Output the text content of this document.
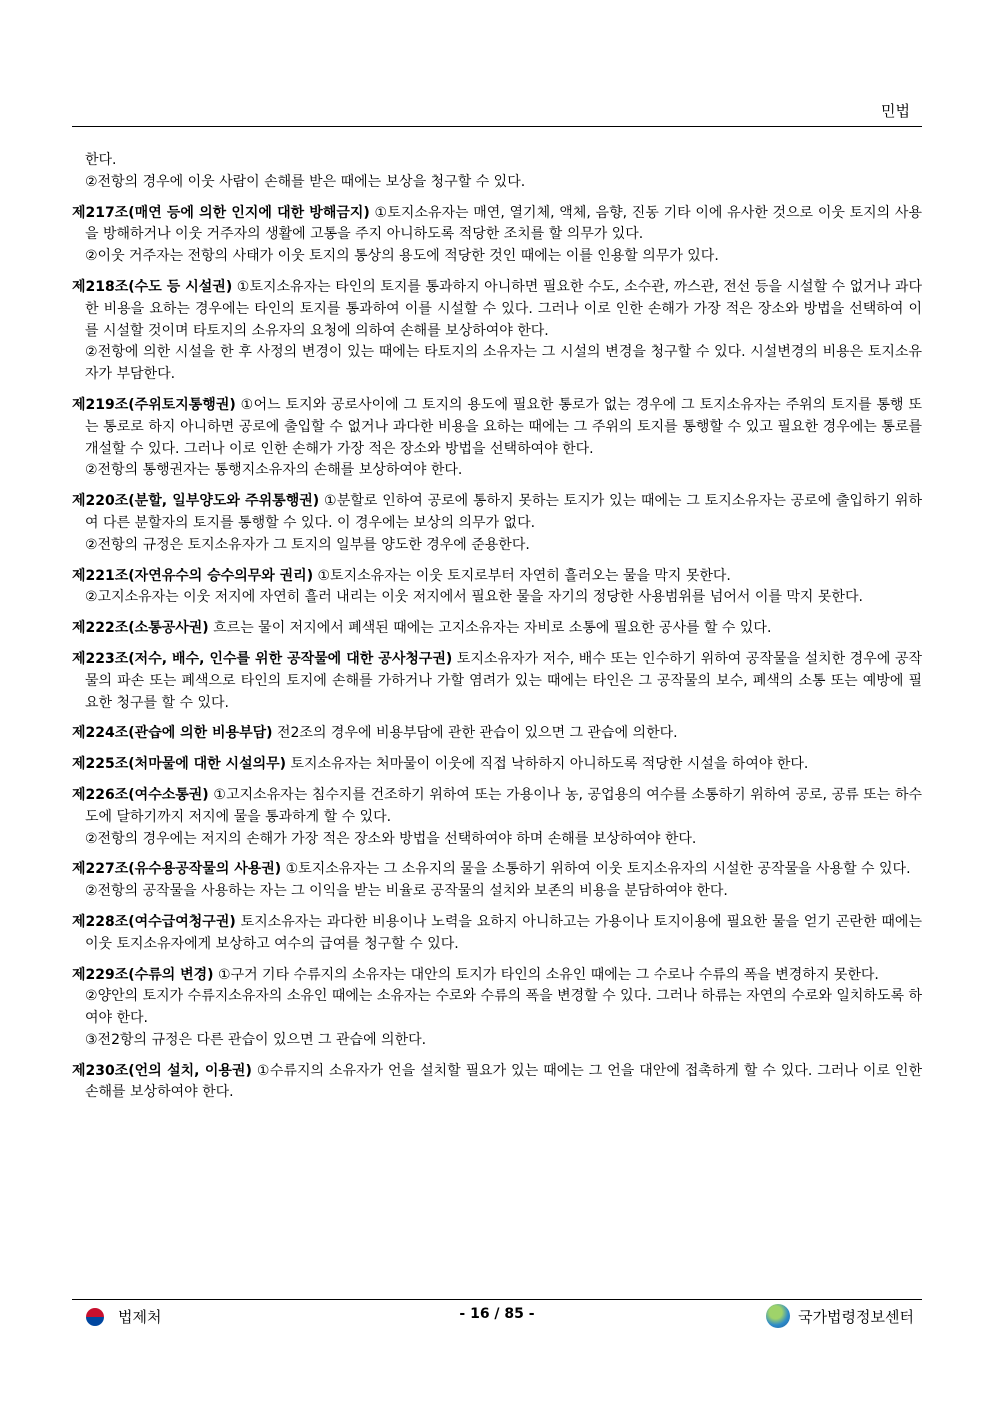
민법
한다.
②전항의 경우에 이웃 사람이 손해를 받은 때에는 보상을 청구할 수 있다.
제217조(매연 등에 의한 인지에 대한 방해금지) ①토지소유자는 매연, 열기체, 액체, 음향, 진동 기타 이에 유사한 것으로 이웃 토지의 사용을 방해하거나 이웃 거주자의 생활에 고통을 주지 아니하도록 적당한 조치를 할 의무가 있다.
②이웃 거주자는 전항의 사태가 이웃 토지의 통상의 용도에 적당한 것인 때에는 이를 인용할 의무가 있다.
제218조(수도 등 시설권) ①토지소유자는 타인의 토지를 통과하지 아니하면 필요한 수도, 소수관, 까스관, 전선 등을 시설할 수 없거나 과다한 비용을 요하는 경우에는 타인의 토지를 통과하여 이를 시설할 수 있다. 그러나 이로 인한 손해가 가장 적은 장소와 방법을 선택하여 이를 시설할 것이며 타토지의 소유자의 요청에 의하여 손해를 보상하여야 한다.
②전항에 의한 시설을 한 후 사정의 변경이 있는 때에는 타토지의 소유자는 그 시설의 변경을 청구할 수 있다. 시설변경의 비용은 토지소유자가 부담한다.
제219조(주위토지통행권) ①어느 토지와 공로사이에 그 토지의 용도에 필요한 통로가 없는 경우에 그 토지소유자는 주위의 토지를 통행 또는 통로로 하지 아니하면 공로에 출입할 수 없거나 과다한 비용을 요하는 때에는 그 주위의 토지를 통행할 수 있고 필요한 경우에는 통로를 개설할 수 있다. 그러나 이로 인한 손해가 가장 적은 장소와 방법을 선택하여야 한다.
②전항의 통행권자는 통행지소유자의 손해를 보상하여야 한다.
제220조(분할, 일부양도와 주위통행권) ①분할로 인하여 공로에 통하지 못하는 토지가 있는 때에는 그 토지소유자는 공로에 출입하기 위하여 다른 분할자의 토지를 통행할 수 있다. 이 경우에는 보상의 의무가 없다.
②전항의 규정은 토지소유자가 그 토지의 일부를 양도한 경우에 준용한다.
제221조(자연유수의 승수의무와 권리) ①토지소유자는 이웃 토지로부터 자연히 흘러오는 물을 막지 못한다.
②고지소유자는 이웃 저지에 자연히 흘러 내리는 이웃 저지에서 필요한 물을 자기의 정당한 사용범위를 넘어서 이를 막지 못한다.
제222조(소통공사권) 흐르는 물이 저지에서 폐색된 때에는 고지소유자는 자비로 소통에 필요한 공사를 할 수 있다.
제223조(저수, 배수, 인수를 위한 공작물에 대한 공사청구권) 토지소유자가 저수, 배수 또는 인수하기 위하여 공작물을 설치한 경우에 공작물의 파손 또는 폐색으로 타인의 토지에 손해를 가하거나 가할 염려가 있는 때에는 타인은 그 공작물의 보수, 폐색의 소통 또는 예방에 필요한 청구를 할 수 있다.
제224조(관습에 의한 비용부담) 전2조의 경우에 비용부담에 관한 관습이 있으면 그 관습에 의한다.
제225조(처마물에 대한 시설의무) 토지소유자는 처마물이 이웃에 직접 낙하하지 아니하도록 적당한 시설을 하여야 한다.
제226조(여수소통권) ①고지소유자는 침수지를 건조하기 위하여 또는 가용이나 농, 공업용의 여수를 소통하기 위하여 공로, 공류 또는 하수도에 달하기까지 저지에 물을 통과하게 할 수 있다.
②전항의 경우에는 저지의 손해가 가장 적은 장소와 방법을 선택하여야 하며 손해를 보상하여야 한다.
제227조(유수용공작물의 사용권) ①토지소유자는 그 소유지의 물을 소통하기 위하여 이웃 토지소유자의 시설한 공작물을 사용할 수 있다.
②전항의 공작물을 사용하는 자는 그 이익을 받는 비율로 공작물의 설치와 보존의 비용을 분담하여야 한다.
제228조(여수급여청구권) 토지소유자는 과다한 비용이나 노력을 요하지 아니하고는 가용이나 토지이용에 필요한 물을 얻기 곤란한 때에는 이웃 토지소유자에게 보상하고 여수의 급여를 청구할 수 있다.
제229조(수류의 변경) ①구거 기타 수류지의 소유자는 대안의 토지가 타인의 소유인 때에는 그 수로나 수류의 폭을 변경하지 못한다.
②양안의 토지가 수류지소유자의 소유인 때에는 소유자는 수로와 수류의 폭을 변경할 수 있다. 그러나 하류는 자연의 수로와 일치하도록 하여야 한다.
③전2항의 규정은 다른 관습이 있으면 그 관습에 의한다.
제230조(언의 설치, 이용권) ①수류지의 소유자가 언을 설치할 필요가 있는 때에는 그 언을 대안에 접촉하게 할 수 있다. 그러나 이로 인한 손해를 보상하여야 한다.
법제처	- 16 / 85 -	국가법령정보센터
